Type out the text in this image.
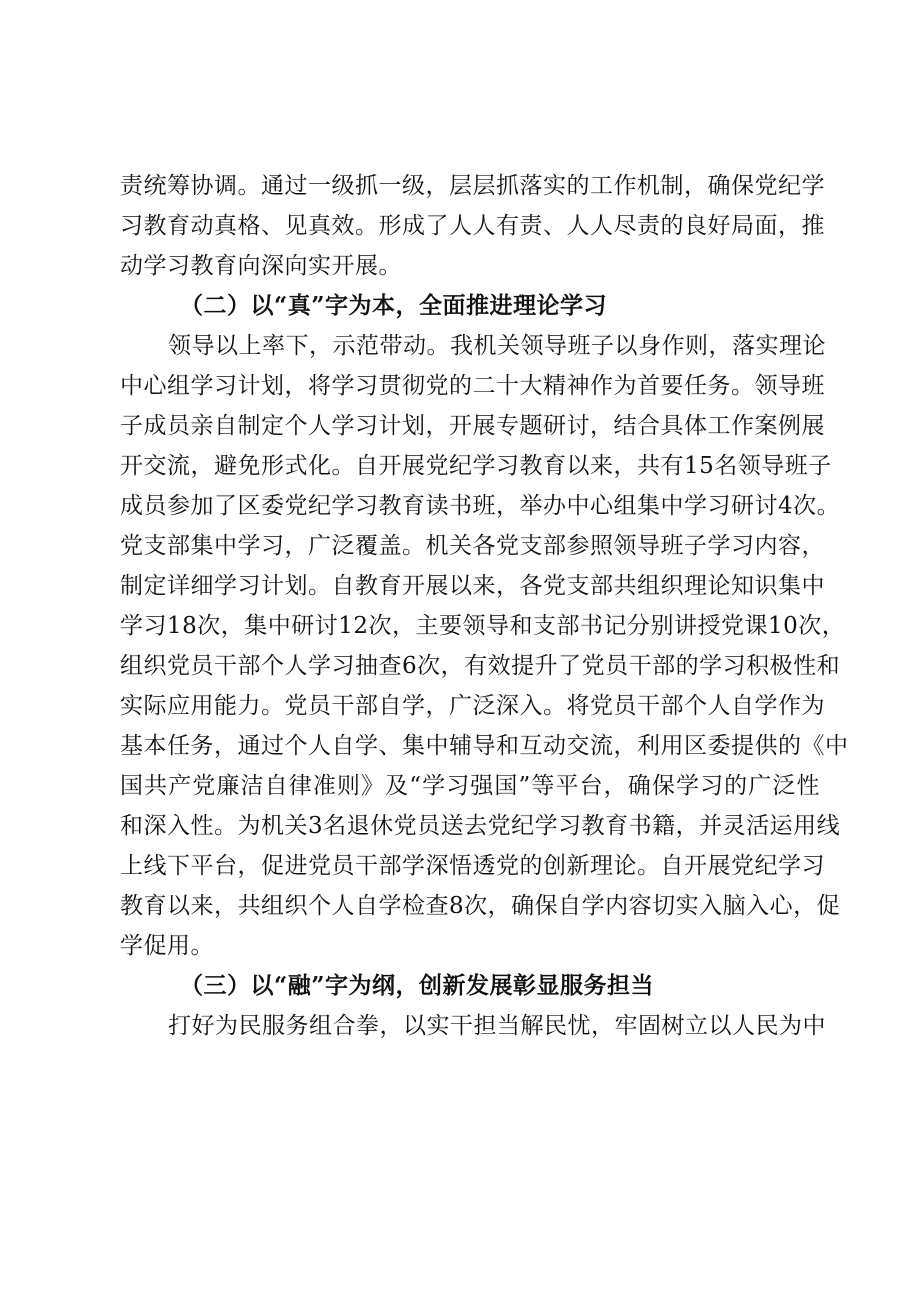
责统筹协调。通过一级抓一级，层层抓落实的工作机制，确保党纪学
习教育动真格、见真效。形成了人人有责、人人尽责的良好局面，推
动学习教育向深向实开展。
（二）以“真”字为本，全面推进理论学习
领导以上率下，示范带动。我机关领导班子以身作则，落实理论
中心组学习计划，将学习贯彻党的二十大精神作为首要任务。领导班
子成员亲自制定个人学习计划，开展专题研讨，结合具体工作案例展
开交流，避免形式化。自开展党纪学习教育以来，共有15名领导班子
成员参加了区委党纪学习教育读书班，举办中心组集中学习研讨4次。
党支部集中学习，广泛覆盖。机关各党支部参照领导班子学习内容，
制定详细学习计划。自教育开展以来，各党支部共组织理论知识集中
学习18次，集中研讨12次，主要领导和支部书记分别讲授党课10次，
组织党员干部个人学习抽查6次，有效提升了党员干部的学习积极性和
实际应用能力。党员干部自学，广泛深入。将党员干部个人自学作为
基本任务，通过个人自学、集中辅导和互动交流，利用区委提供的《中
国共产党廉洁自律准则》及“学习强国”等平台，确保学习的广泛性
和深入性。为机关3名退休党员送去党纪学习教育书籍，并灵活运用线
上线下平台，促进党员干部学深悟透党的创新理论。自开展党纪学习
教育以来，共组织个人自学检查8次，确保自学内容切实入脑入心，促
学促用。
（三）以“融”字为纲，创新发展彰显服务担当
打好为民服务组合拳，以实干担当解民忧，牢固树立以人民为中
